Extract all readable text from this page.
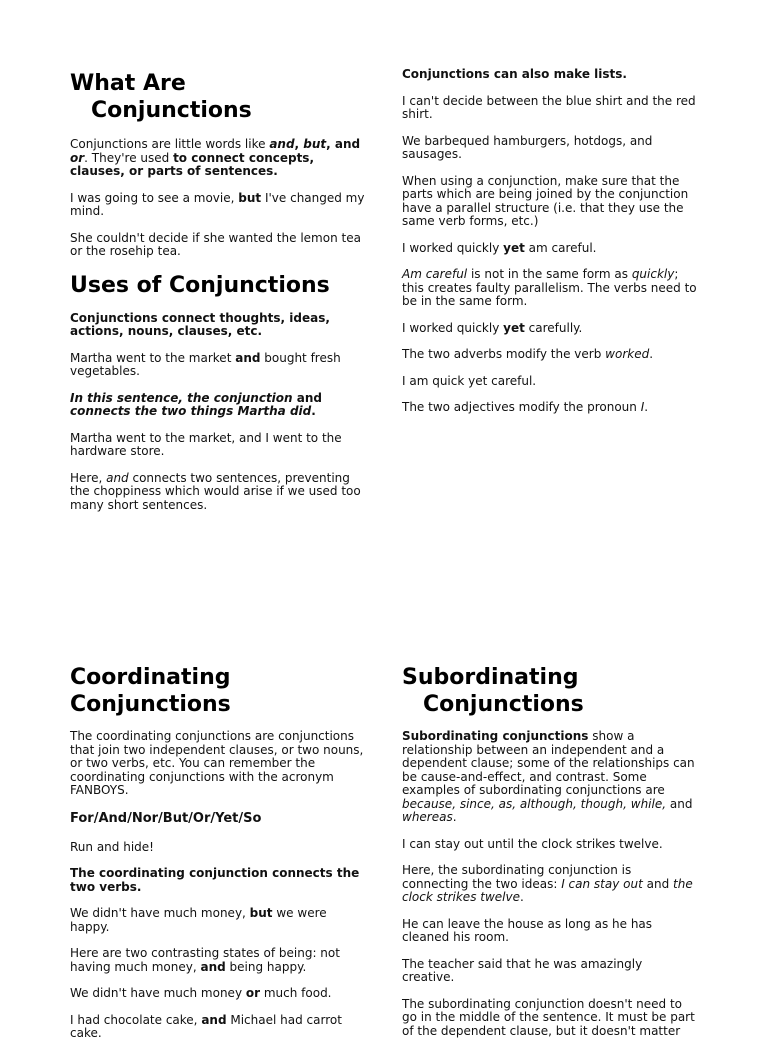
What Are
Conjunctions

Conjunctions are little words like and, but, and or. They're used to connect concepts, clauses, or parts of sentences.

I was going to see a movie, but I've changed my mind.

She couldn't decide if she wanted the lemon tea or the rosehip tea.

Uses of Conjunctions

Conjunctions connect thoughts, ideas, actions, nouns, clauses, etc.

Martha went to the market and bought fresh vegetables.

In this sentence, the conjunction and connects the two things Martha did.

Martha went to the market, and I went to the hardware store.

Here, and connects two sentences, preventing the choppiness which would arise if we used too many short sentences.

Conjunctions can also make lists.

I can't decide between the blue shirt and the red shirt.

We barbequed hamburgers, hotdogs, and sausages.

When using a conjunction, make sure that the parts which are being joined by the conjunction have a parallel structure (i.e. that they use the same verb forms, etc.)

I worked quickly yet am careful.

Am careful is not in the same form as quickly; this creates faulty parallelism. The verbs need to be in the same form.

I worked quickly yet carefully.

The two adverbs modify the verb worked.

I am quick yet careful.

The two adjectives modify the pronoun I.

Coordinating
Conjunctions

The coordinating conjunctions are conjunctions that join two independent clauses, or two nouns, or two verbs, etc. You can remember the coordinating conjunctions with the acronym FANBOYS.

For/And/Nor/But/Or/Yet/So

Run and hide!

The coordinating conjunction connects the two verbs.

We didn't have much money, but we were happy.

Here are two contrasting states of being: not having much money, and being happy.

We didn't have much money or much food.

I had chocolate cake, and Michael had carrot cake.

Subordinating
Conjunctions

Subordinating conjunctions show a relationship between an independent and a dependent clause; some of the relationships can be cause-and-effect, and contrast. Some examples of subordinating conjunctions are because, since, as, although, though, while, and whereas.

I can stay out until the clock strikes twelve.

Here, the subordinating conjunction is connecting the two ideas: I can stay out and the clock strikes twelve.

He can leave the house as long as he has cleaned his room.

The teacher said that he was amazingly creative.

The subordinating conjunction doesn't need to go in the middle of the sentence. It must be part of the dependent clause, but it doesn't matter
